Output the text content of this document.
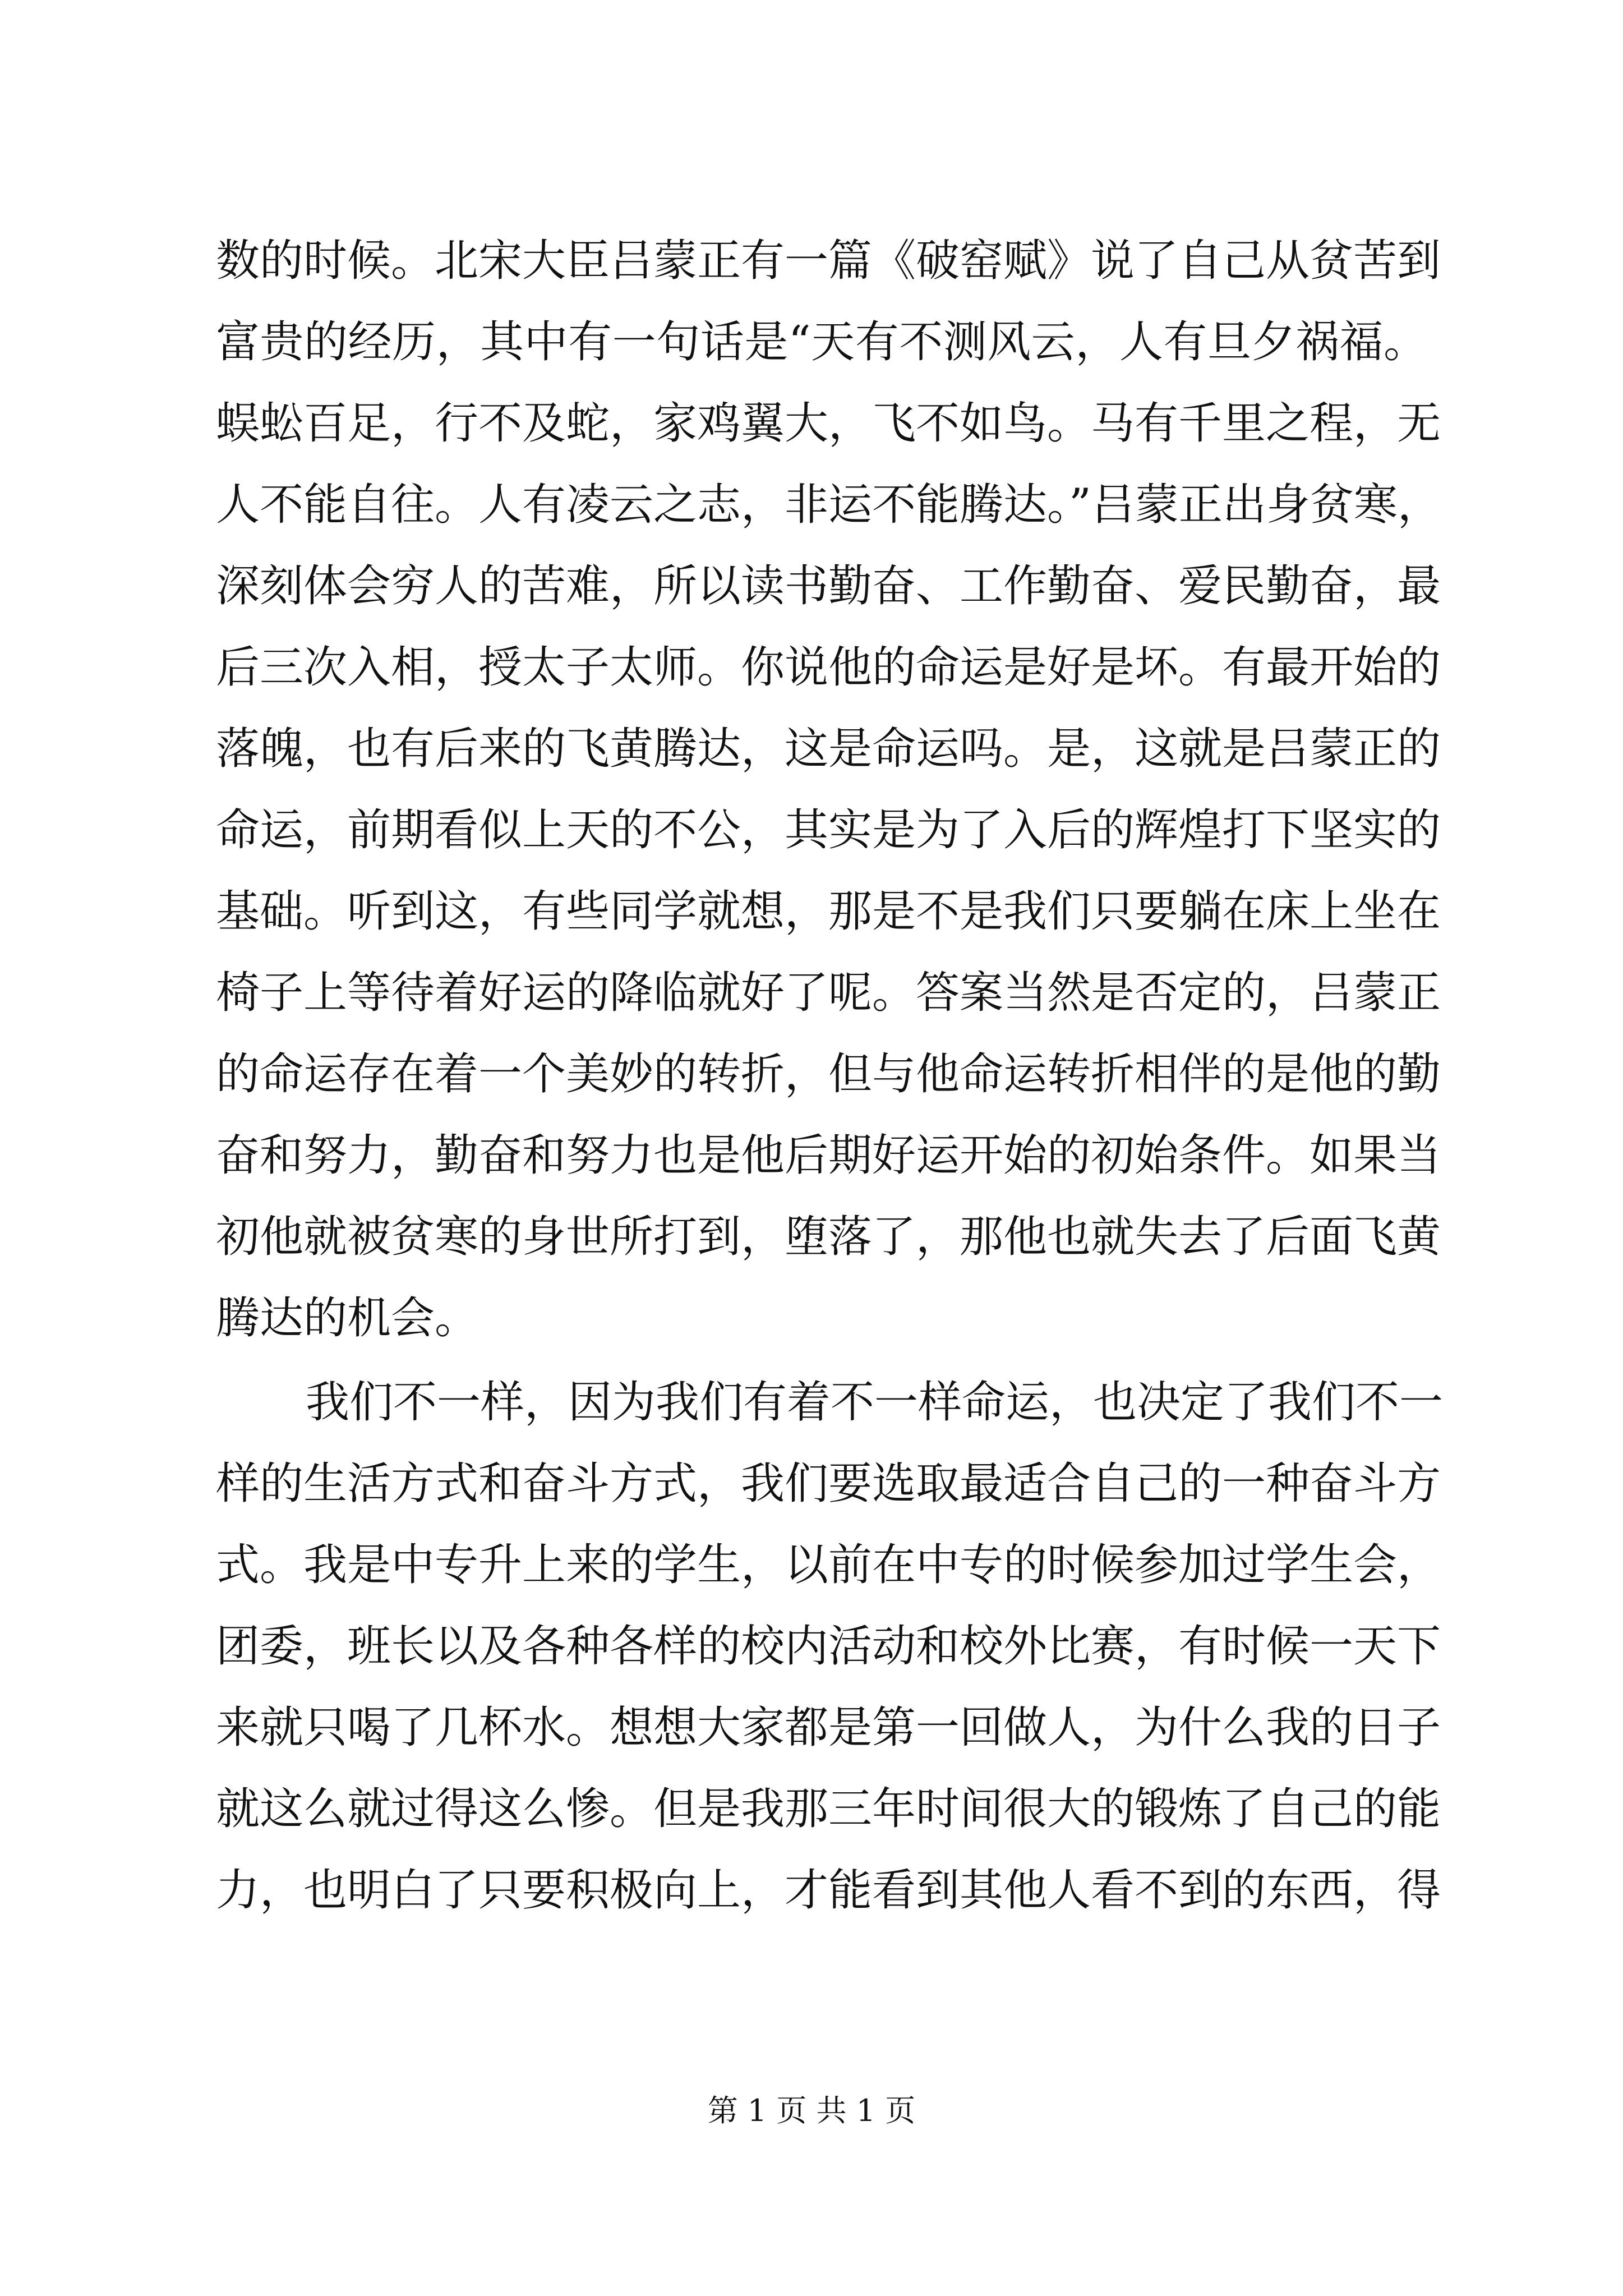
数的时候。北宋大臣吕蒙正有一篇《破窑赋》说了自己从贫苦到
富贵的经历，其中有一句话是“天有不测风云，人有旦夕祸福。
蜈蚣百足，行不及蛇，家鸡翼大，飞不如鸟。马有千里之程，无
人不能自往。人有凌云之志，非运不能腾达。”吕蒙正出身贫寒，
深刻体会穷人的苦难，所以读书勤奋、工作勤奋、爱民勤奋，最
后三次入相，授太子太师。你说他的命运是好是坏。有最开始的
落魄，也有后来的飞黄腾达，这是命运吗。是，这就是吕蒙正的
命运，前期看似上天的不公，其实是为了入后的辉煌打下坚实的
基础。听到这，有些同学就想，那是不是我们只要躺在床上坐在
椅子上等待着好运的降临就好了呢。答案当然是否定的，吕蒙正
的命运存在着一个美妙的转折，但与他命运转折相伴的是他的勤
奋和努力，勤奋和努力也是他后期好运开始的初始条件。如果当
初他就被贫寒的身世所打到，堕落了，那他也就失去了后面飞黄
腾达的机会。
我们不一样，因为我们有着不一样命运，也决定了我们不一
样的生活方式和奋斗方式，我们要选取最适合自己的一种奋斗方
式。我是中专升上来的学生，以前在中专的时候参加过学生会，
团委，班长以及各种各样的校内活动和校外比赛，有时候一天下
来就只喝了几杯水。想想大家都是第一回做人，为什么我的日子
就这么就过得这么惨。但是我那三年时间很大的锻炼了自己的能
力，也明白了只要积极向上，才能看到其他人看不到的东西，得
第 1 页 共 1 页
